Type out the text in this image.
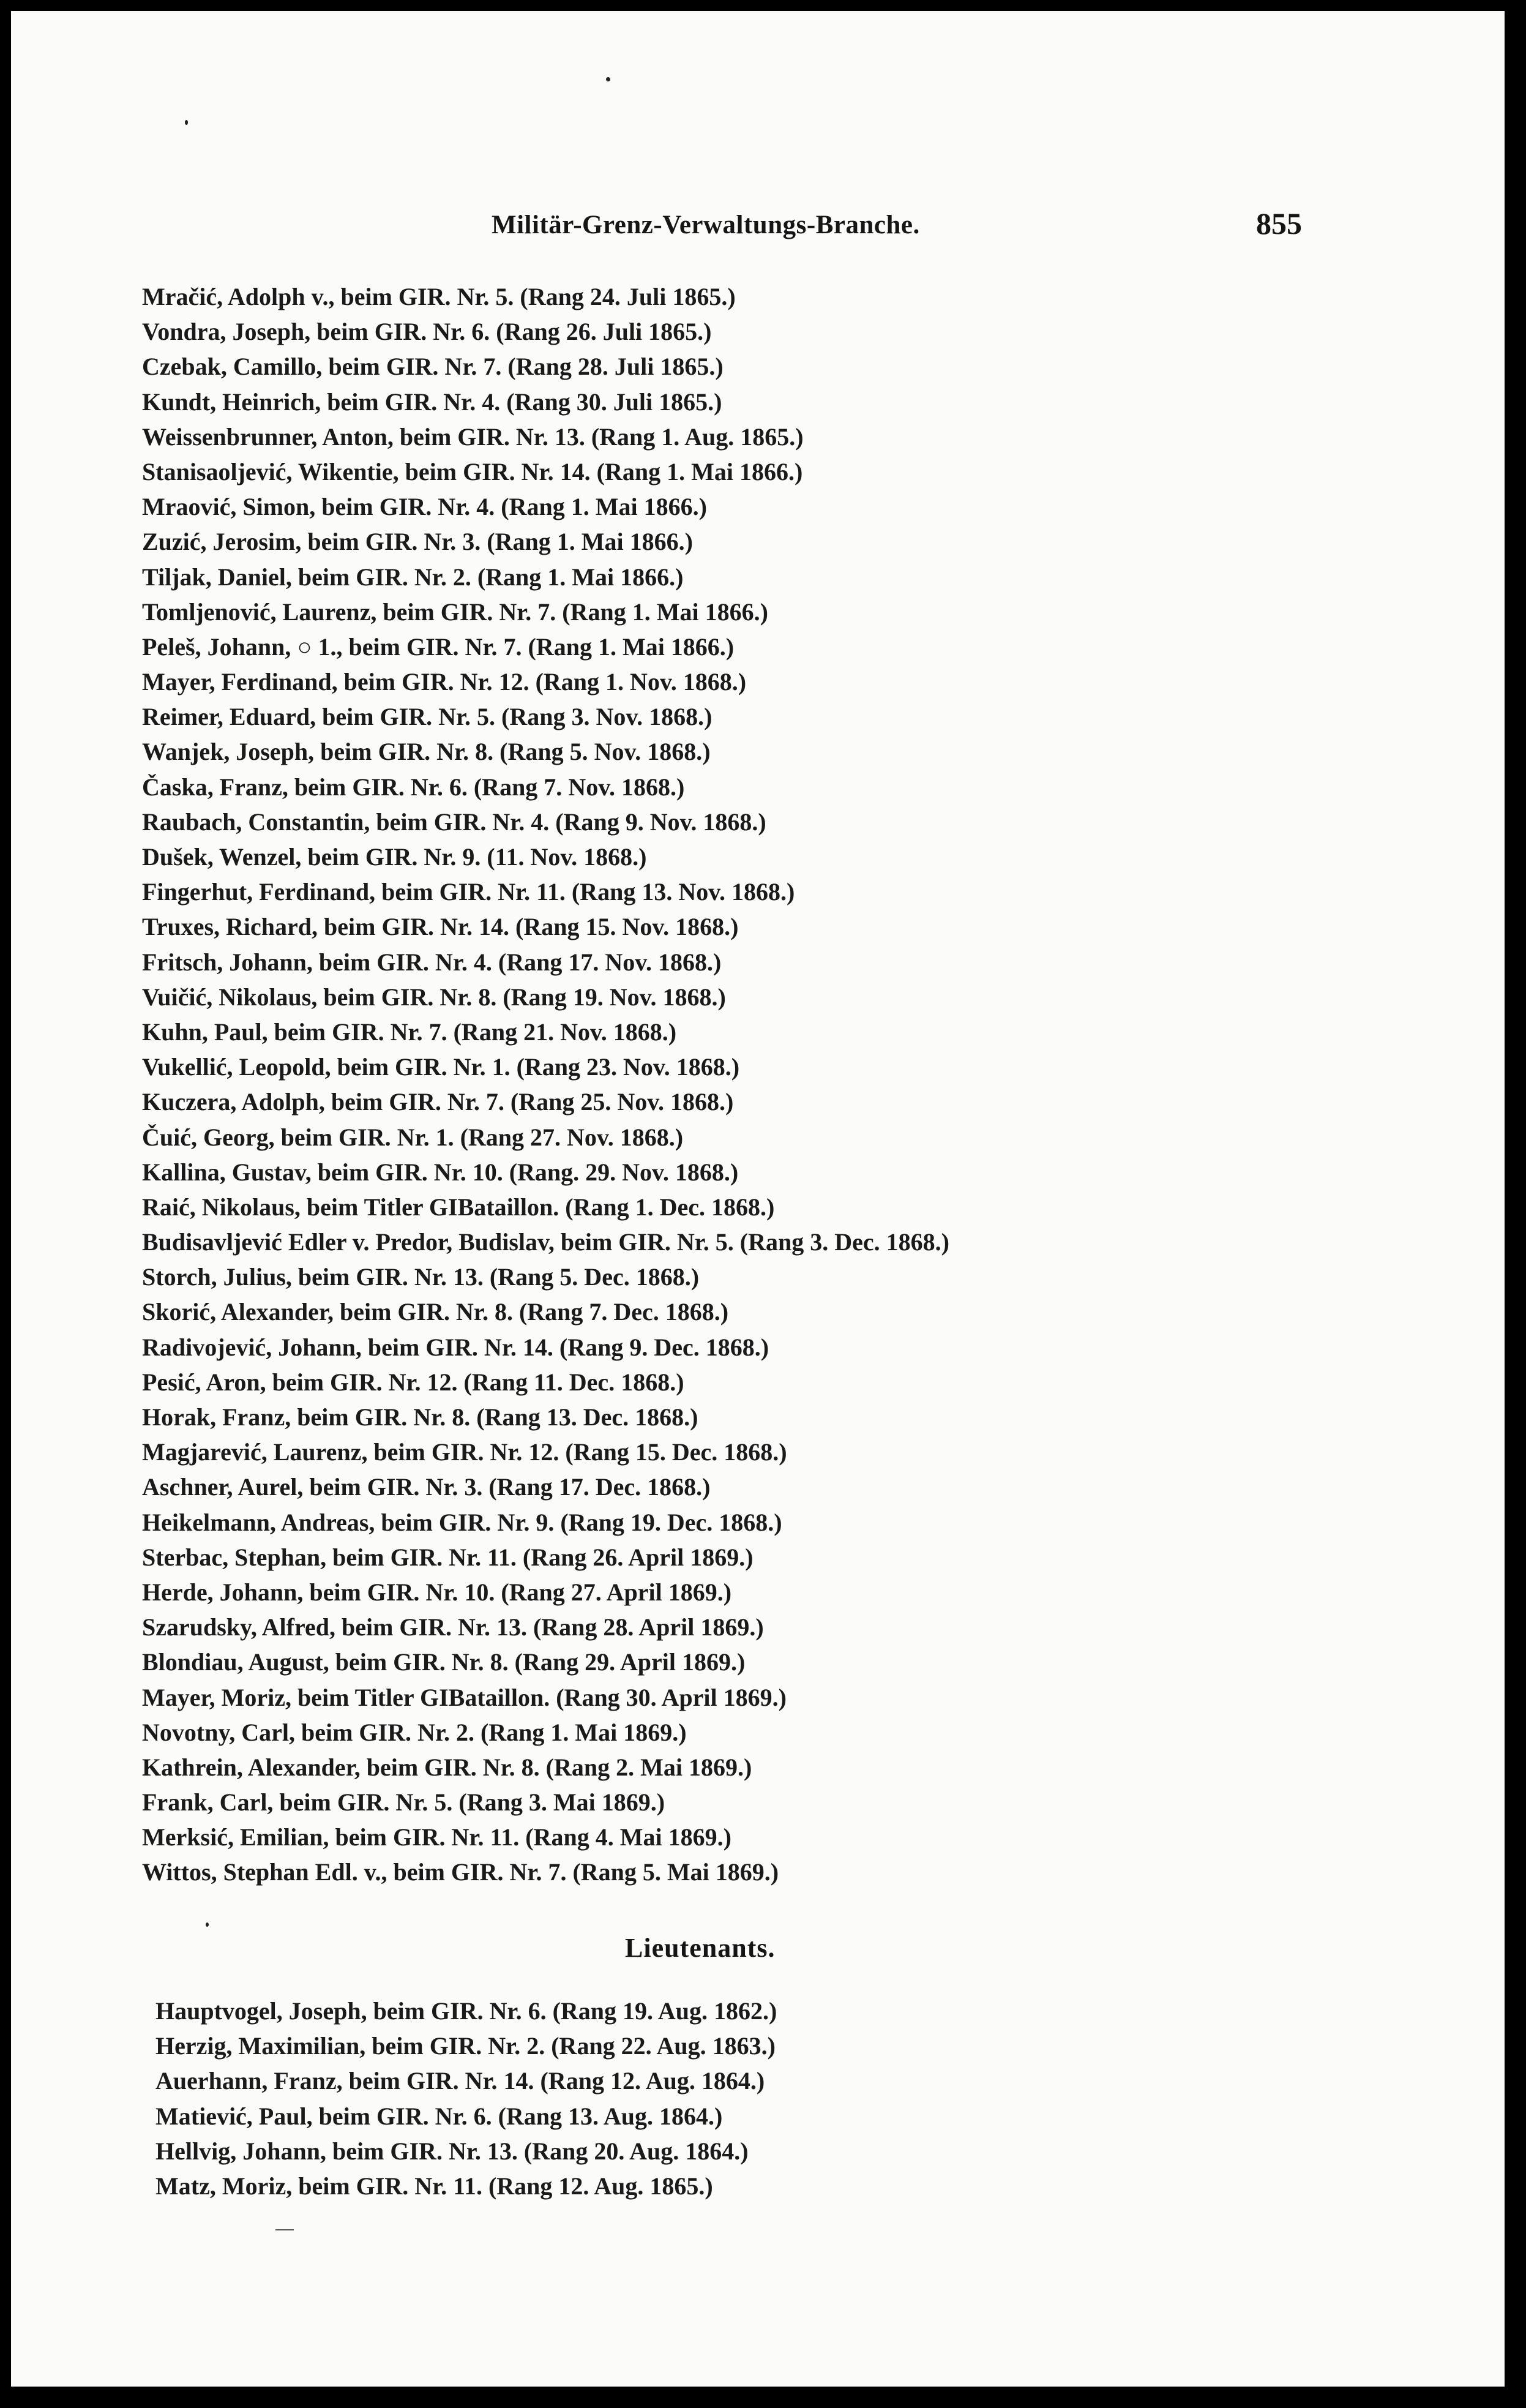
Militär-Grenz-Verwaltungs-Branche.	855
Mračić, Adolph v., beim GIR. Nr. 5. (Rang 24. Juli 1865.)
Vondra, Joseph, beim GIR. Nr. 6. (Rang 26. Juli 1865.)
Czebak, Camillo, beim GIR. Nr. 7. (Rang 28. Juli 1865.)
Kundt, Heinrich, beim GIR. Nr. 4. (Rang 30. Juli 1865.)
Weissenbrunner, Anton, beim GIR. Nr. 13. (Rang 1. Aug. 1865.)
Stanisaoljević, Wikentie, beim GIR. Nr. 14. (Rang 1. Mai 1866.)
Mraović, Simon, beim GIR. Nr. 4. (Rang 1. Mai 1866.)
Zuzić, Jerosim, beim GIR. Nr. 3. (Rang 1. Mai 1866.)
Tiljak, Daniel, beim GIR. Nr. 2. (Rang 1. Mai 1866.)
Tomljenović, Laurenz, beim GIR. Nr. 7. (Rang 1. Mai 1866.)
Peleš, Johann, ○ 1., beim GIR. Nr. 7. (Rang 1. Mai 1866.)
Mayer, Ferdinand, beim GIR. Nr. 12. (Rang 1. Nov. 1868.)
Reimer, Eduard, beim GIR. Nr. 5. (Rang 3. Nov. 1868.)
Wanjek, Joseph, beim GIR. Nr. 8. (Rang 5. Nov. 1868.)
Časka, Franz, beim GIR. Nr. 6. (Rang 7. Nov. 1868.)
Raubach, Constantin, beim GIR. Nr. 4. (Rang 9. Nov. 1868.)
Dušek, Wenzel, beim GIR. Nr. 9. (11. Nov. 1868.)
Fingerhut, Ferdinand, beim GIR. Nr. 11. (Rang 13. Nov. 1868.)
Truxes, Richard, beim GIR. Nr. 14. (Rang 15. Nov. 1868.)
Fritsch, Johann, beim GIR. Nr. 4. (Rang 17. Nov. 1868.)
Vuičić, Nikolaus, beim GIR. Nr. 8. (Rang 19. Nov. 1868.)
Kuhn, Paul, beim GIR. Nr. 7. (Rang 21. Nov. 1868.)
Vukellić, Leopold, beim GIR. Nr. 1. (Rang 23. Nov. 1868.)
Kuczera, Adolph, beim GIR. Nr. 7. (Rang 25. Nov. 1868.)
Čuić, Georg, beim GIR. Nr. 1. (Rang 27. Nov. 1868.)
Kallina, Gustav, beim GIR. Nr. 10. (Rang. 29. Nov. 1868.)
Raić, Nikolaus, beim Titler GIBataillon. (Rang 1. Dec. 1868.)
Budisavljević Edler v. Predor, Budislav, beim GIR. Nr. 5. (Rang 3. Dec. 1868.)
Storch, Julius, beim GIR. Nr. 13. (Rang 5. Dec. 1868.)
Skorić, Alexander, beim GIR. Nr. 8. (Rang 7. Dec. 1868.)
Radivojević, Johann, beim GIR. Nr. 14. (Rang 9. Dec. 1868.)
Pesić, Aron, beim GIR. Nr. 12. (Rang 11. Dec. 1868.)
Horak, Franz, beim GIR. Nr. 8. (Rang 13. Dec. 1868.)
Magjarević, Laurenz, beim GIR. Nr. 12. (Rang 15. Dec. 1868.)
Aschner, Aurel, beim GIR. Nr. 3. (Rang 17. Dec. 1868.)
Heikelmann, Andreas, beim GIR. Nr. 9. (Rang 19. Dec. 1868.)
Sterbac, Stephan, beim GIR. Nr. 11. (Rang 26. April 1869.)
Herde, Johann, beim GIR. Nr. 10. (Rang 27. April 1869.)
Szarudsky, Alfred, beim GIR. Nr. 13. (Rang 28. April 1869.)
Blondiau, August, beim GIR. Nr. 8. (Rang 29. April 1869.)
Mayer, Moriz, beim Titler GIBataillon. (Rang 30. April 1869.)
Novotny, Carl, beim GIR. Nr. 2. (Rang 1. Mai 1869.)
Kathrein, Alexander, beim GIR. Nr. 8. (Rang 2. Mai 1869.)
Frank, Carl, beim GIR. Nr. 5. (Rang 3. Mai 1869.)
Merksić, Emilian, beim GIR. Nr. 11. (Rang 4. Mai 1869.)
Wittos, Stephan Edl. v., beim GIR. Nr. 7. (Rang 5. Mai 1869.)
Lieutenants.
Hauptvogel, Joseph, beim GIR. Nr. 6. (Rang 19. Aug. 1862.)
Herzig, Maximilian, beim GIR. Nr. 2. (Rang 22. Aug. 1863.)
Auerhann, Franz, beim GIR. Nr. 14. (Rang 12. Aug. 1864.)
Matiević, Paul, beim GIR. Nr. 6. (Rang 13. Aug. 1864.)
Hellvig, Johann, beim GIR. Nr. 13. (Rang 20. Aug. 1864.)
Matz, Moriz, beim GIR. Nr. 11. (Rang 12. Aug. 1865.)
